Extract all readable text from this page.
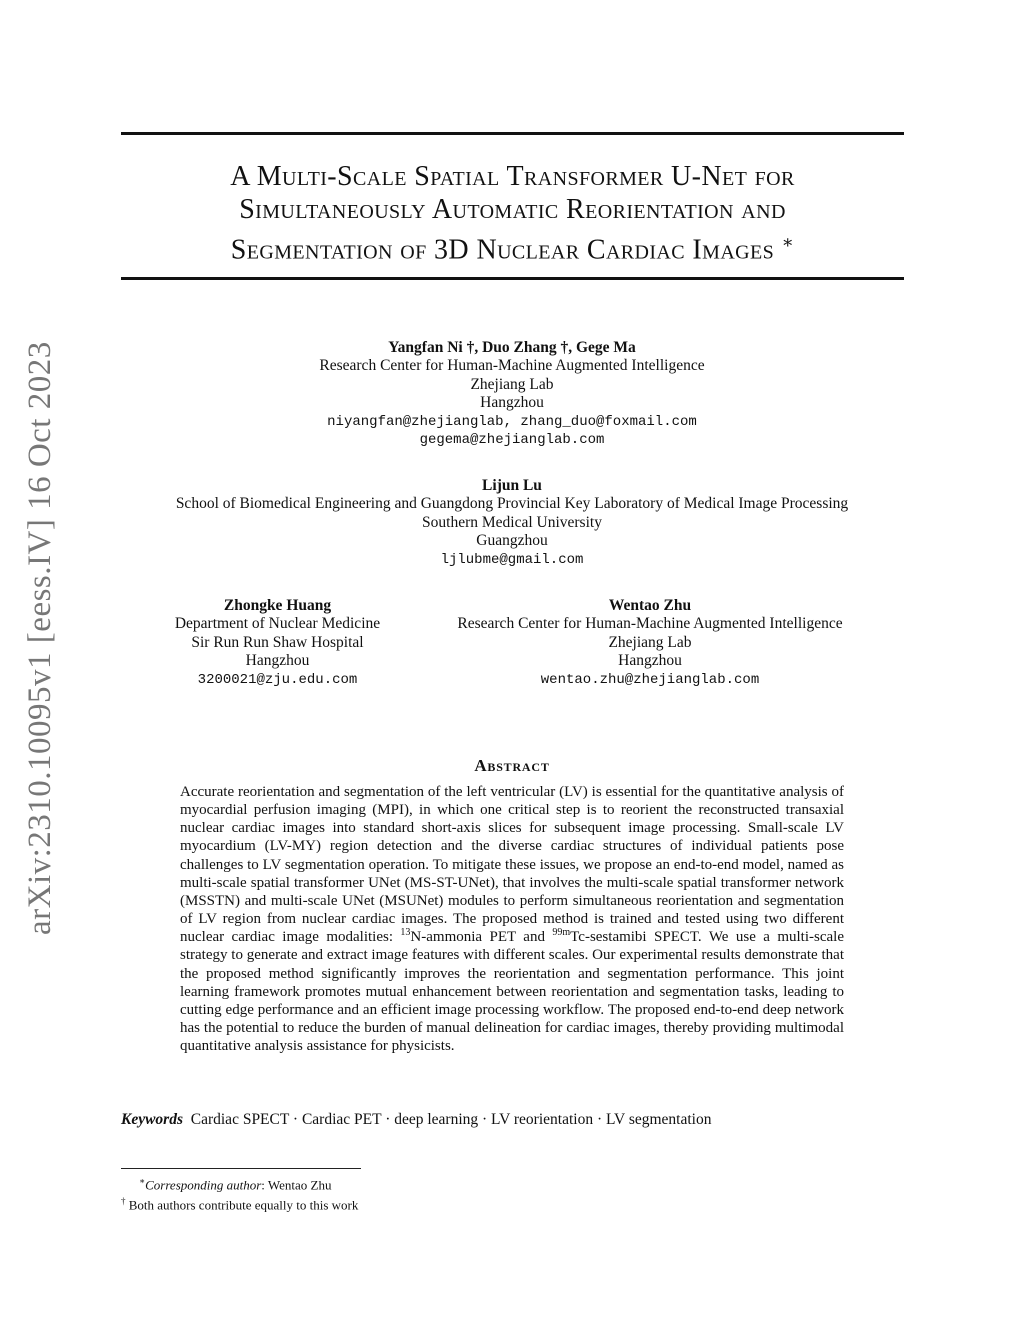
arXiv:2310.10095v1 [eess.IV] 16 Oct 2023
A Multi-Scale Spatial Transformer U-Net for
Simultaneously Automatic Reorientation and
Segmentation of 3D Nuclear Cardiac Images ∗
Yangfan Ni †, Duo Zhang †, Gege Ma
Research Center for Human-Machine Augmented Intelligence
Zhejiang Lab
Hangzhou
niyangfan@zhejianglab, zhang_duo@foxmail.com
gegema@zhejianglab.com
Lijun Lu
School of Biomedical Engineering and Guangdong Provincial Key Laboratory of Medical Image Processing
Southern Medical University
Guangzhou
ljlubme@gmail.com
Zhongke Huang
Department of Nuclear Medicine
Sir Run Run Shaw Hospital
Hangzhou
3200021@zju.edu.com
Wentao Zhu
Research Center for Human-Machine Augmented Intelligence
Zhejiang Lab
Hangzhou
wentao.zhu@zhejianglab.com
Abstract
Accurate reorientation and segmentation of the left ventricular (LV) is essential for the quantitative analysis of myocardial perfusion imaging (MPI), in which one critical step is to reorient the reconstructed transaxial nuclear cardiac images into standard short-axis slices for subsequent image processing. Small-scale LV myocardium (LV-MY) region detection and the diverse cardiac structures of individual patients pose challenges to LV segmentation operation. To mitigate these issues, we propose an end-to-end model, named as multi-scale spatial transformer UNet (MS-ST-UNet), that involves the multi-scale spatial transformer network (MSSTN) and multi-scale UNet (MSUNet) modules to perform simultaneous reorientation and segmentation of LV region from nuclear cardiac images. The proposed method is trained and tested using two different nuclear cardiac image modalities: $^{13}$N-ammonia PET and $^{99m}$Tc-sestamibi SPECT. We use a multi-scale strategy to generate and extract image features with different scales. Our experimental results demonstrate that the proposed method significantly improves the reorientation and segmentation performance. This joint learning framework promotes mutual enhancement between reorientation and segmentation tasks, leading to cutting edge performance and an efficient image processing workflow. The proposed end-to-end deep network has the potential to reduce the burden of manual delineation for cardiac images, thereby providing multimodal quantitative analysis assistance for physicists.
Keywords Cardiac SPECT · Cardiac PET · deep learning · LV reorientation · LV segmentation
∗Corresponding author: Wentao Zhu
† Both authors contribute equally to this work
